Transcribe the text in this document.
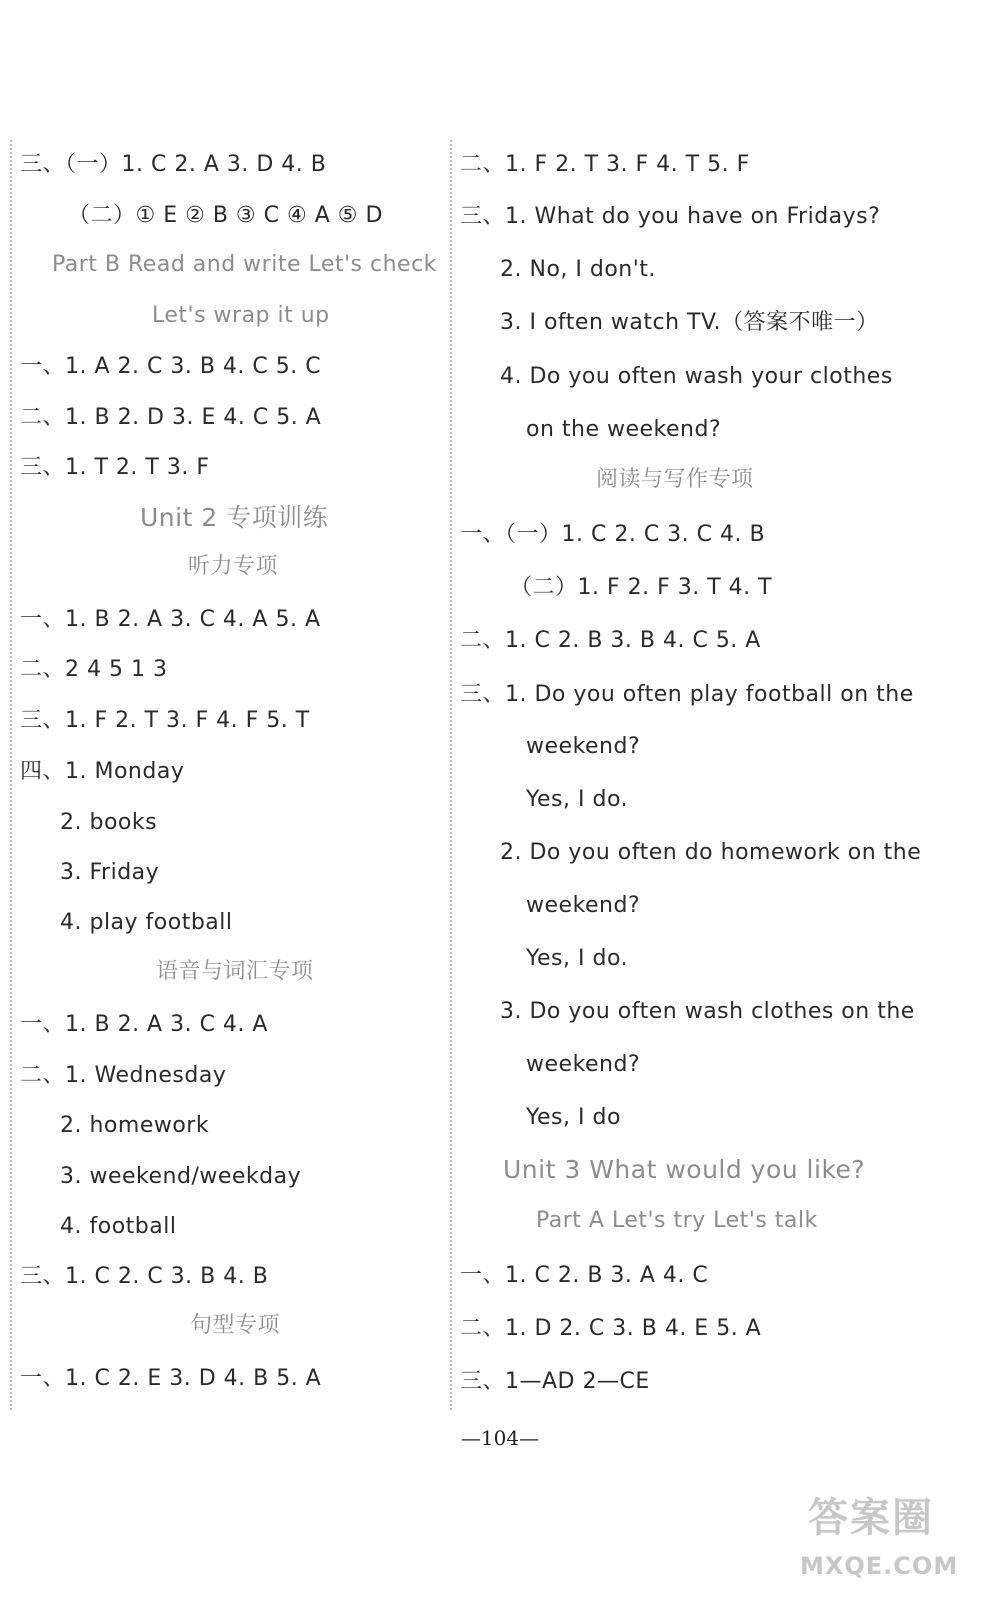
三、（一）1. C 2. A 3. D 4. B
（二）① E ② B ③ C ④ A ⑤ D
Part B Read and write Let's check
Let's wrap it up
一、1. A 2. C 3. B 4. C 5. C
二、1. B 2. D 3. E 4. C 5. A
三、1. T 2. T 3. F
Unit 2 专项训练
听力专项
一、1. B 2. A 3. C 4. A 5. A
二、2 4 5 1 3
三、1. F 2. T 3. F 4. F 5. T
四、1. Monday
2. books
3. Friday
4. play football
语音与词汇专项
一、1. B 2. A 3. C 4. A
二、1. Wednesday
2. homework
3. weekend/weekday
4. football
三、1. C 2. C 3. B 4. B
句型专项
一、1. C 2. E 3. D 4. B 5. A
二、1. F 2. T 3. F 4. T 5. F
三、1. What do you have on Fridays?
2. No, I don't.
3. I often watch TV.（答案不唯一）
4. Do you often wash your clothes
on the weekend?
阅读与写作专项
一、（一）1. C 2. C 3. C 4. B
（二）1. F 2. F 3. T 4. T
二、1. C 2. B 3. B 4. C 5. A
三、1. Do you often play football on the
weekend?
Yes, I do.
2. Do you often do homework on the
weekend?
Yes, I do.
3. Do you often wash clothes on the
weekend?
Yes, I do
Unit 3 What would you like?
Part A Let's try Let's talk
一、1. C 2. B 3. A 4. C
二、1. D 2. C 3. B 4. E 5. A
三、1—AD 2—CE
—104—
答案圈
MXQE.COM
